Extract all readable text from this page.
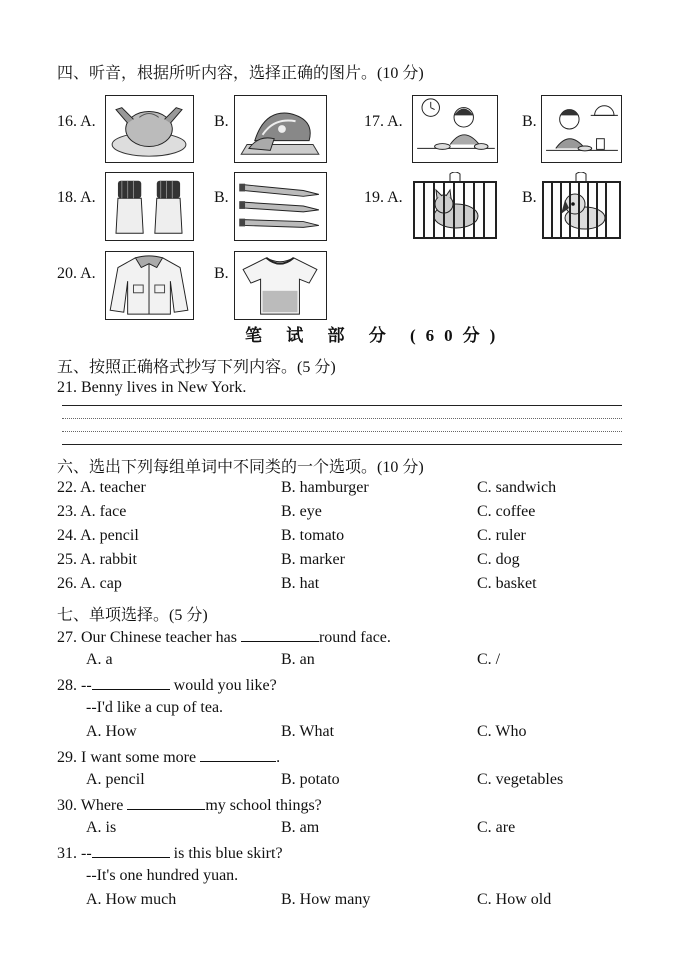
四、听音，根据所听内容，选择正确的图片。(10 分)
16. A.	B.	17. A.	B.
18. A.	B.	19. A.	B.
20. A.	B.
笔 试 部 分 (60分)
五、按照正确格式抄写下列内容。(5 分)
21. Benny lives in New York.
六、选出下列每组单词中不同类的一个选项。(10 分)
22. A. teacher	B. hamburger	C. sandwich
23. A. face	B. eye	C. coffee
24. A. pencil	B. tomato	C. ruler
25. A. rabbit	B. marker	C. dog
26. A. cap	B. hat	C. basket
七、单项选择。(5 分)
27. Our Chinese teacher has	round face.
A. a	B. an	C. /
28. --	would you like?
--I'd like a cup of tea.
A. How	B. What	C. Who
29. I want some more	.
A. pencil	B. potato	C. vegetables
30. Where	my school things?
A. is	B. am	C. are
31. --	is this blue skirt?
--It's one hundred yuan.
A. How much	B. How many	C. How old
